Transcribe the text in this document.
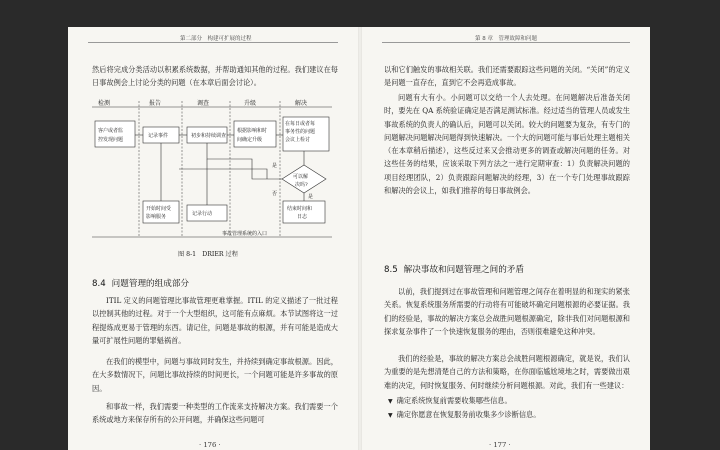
第二部分　构建可扩展的过程
然后将完成分类活动以积累系统数据，并帮助通知其他的过程。我们建议在每日事故例会上讨论分类的问题（在本章后面会讨论）。
检测	报告	调查	升级	解决
客户或者监
控发现问题
记录事件	初步和持续调查
根据影响和时
间确定升级
在每日或者每
事务性的问题
会议上检讨
开始时间受
影响服务	记录行动
结束时间和
日志
可以解
决吗?
是
否	是
事故管理系统的入口
图 8-1　DRIER 过程
8.4 问题管理的组成部分
ITIL 定义的问题管理比事故管理更难掌握。ITIL 的定义描述了一批过程以控制其他的过程。对于一个大型组织，这可能有点麻烦。本节试图将这一过程提炼成更易于管理的东西。请记住，问题是事故的根源，并有可能是造成大量可扩展性问题的罪魁祸首。
在我们的模型中，问题与事故同时发生，并持续到确定事故根源。因此，在大多数情况下，问题比事故持续的时间更长，一个问题可能是许多事故的原因。
和事故一样，我们需要一种类型的工作流来支持解决方案。我们需要一个系统或地方来保存所有的公开问题，并确保这些问题可
· 176 ·
第 8 章　管理故障和问题
以和它们触发的事故相关联。我们还需要跟踪这些问题的关闭。“关闭”的定义是问题一直存在，直到它不会再造成事故。
问题有大有小。小问题可以交给一个人去处理。在问题解决后准备关闭时，要先在 QA 系统验证确定是否满足测试标准。经过适当的管理人员或发生事故系统的负责人的确认后，问题可以关闭。较大的问题要为复杂，有专门的问题解决问题解决问题得到快速解决。一个大的问题可能与事后处理主题相关（在本章稍后描述），这些反过来又会推动更多的调查或解决问题的任务。对这些任务的结果，应该采取下列方法之一进行定期审查：1）负责解决问题的项目经理团队，2）负责跟踪问题解决的经理，3）在一个专门处理事故跟踪和解决的会议上，如我们推荐的每日事故例会。
8.5 解决事故和问题管理之间的矛盾
以前，我们提到过在事故管理和问题管理之间存在着明显的和现实的紧张关系。恢复系统服务所需要的行动将有可能破坏确定问题根源的必要证据。我们的经验是，事故的解决方案总会战胜问题根源确定，除非我们对问题根源和探求复杂事件了一个快速恢复服务的理由，否则很难避免这种冲突。
我们的经验是，事故的解决方案总会战胜问题根源确定，就是说，我们认为重要的是先想清楚自己的方法和策略，在你面临尴尬境地之时，需要做出艰难的决定，何时恢复服务、何时继续分析问题根源。对此，我们有一些建议：
▼ 确定系统恢复前需要收集哪些信息。
▼ 确定你愿意在恢复服务前收集多少诊断信息。
· 177 ·
